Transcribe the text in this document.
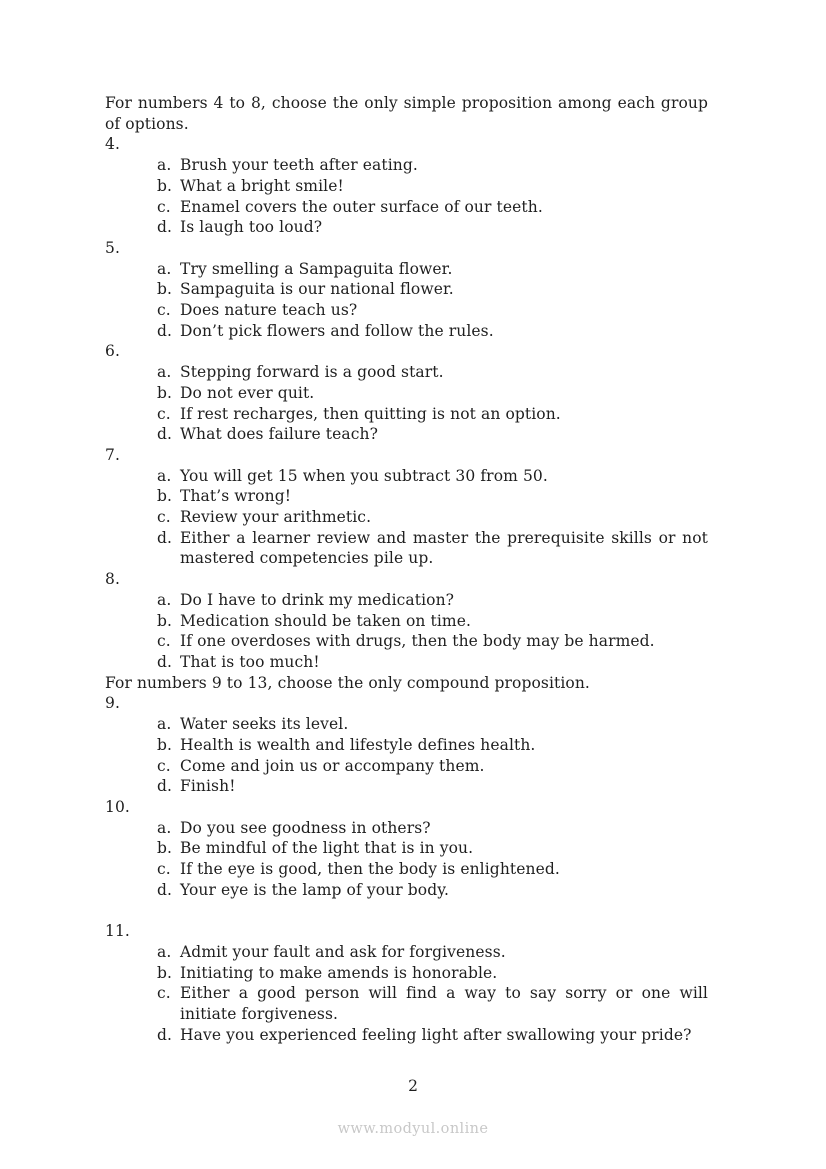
For numbers 4 to 8, choose the only simple proposition among each group of options.

4.
a. Brush your teeth after eating.
b. What a bright smile!
c. Enamel covers the outer surface of our teeth.
d. Is laugh too loud?
5.
a. Try smelling a Sampaguita flower.
b. Sampaguita is our national flower.
c. Does nature teach us?
d. Don’t pick flowers and follow the rules.
6.
a. Stepping forward is a good start.
b. Do not ever quit.
c. If rest recharges, then quitting is not an option.
d. What does failure teach?
7.
a. You will get 15 when you subtract 30 from 50.
b. That’s wrong!
c. Review your arithmetic.
d. Either a learner review and master the prerequisite skills or not mastered competencies pile up.
8.
a. Do I have to drink my medication?
b. Medication should be taken on time.
c. If one overdoses with drugs, then the body may be harmed.
d. That is too much!

For numbers 9 to 13, choose the only compound proposition.

9.
a. Water seeks its level.
b. Health is wealth and lifestyle defines health.
c. Come and join us or accompany them.
d. Finish!
10.
a. Do you see goodness in others?
b. Be mindful of the light that is in you.
c. If the eye is good, then the body is enlightened.
d. Your eye is the lamp of your body.
11.
a. Admit your fault and ask for forgiveness.
b. Initiating to make amends is honorable.
c. Either a good person will find a way to say sorry or one will initiate forgiveness.
d. Have you experienced feeling light after swallowing your pride?
2
www.modyul.online
